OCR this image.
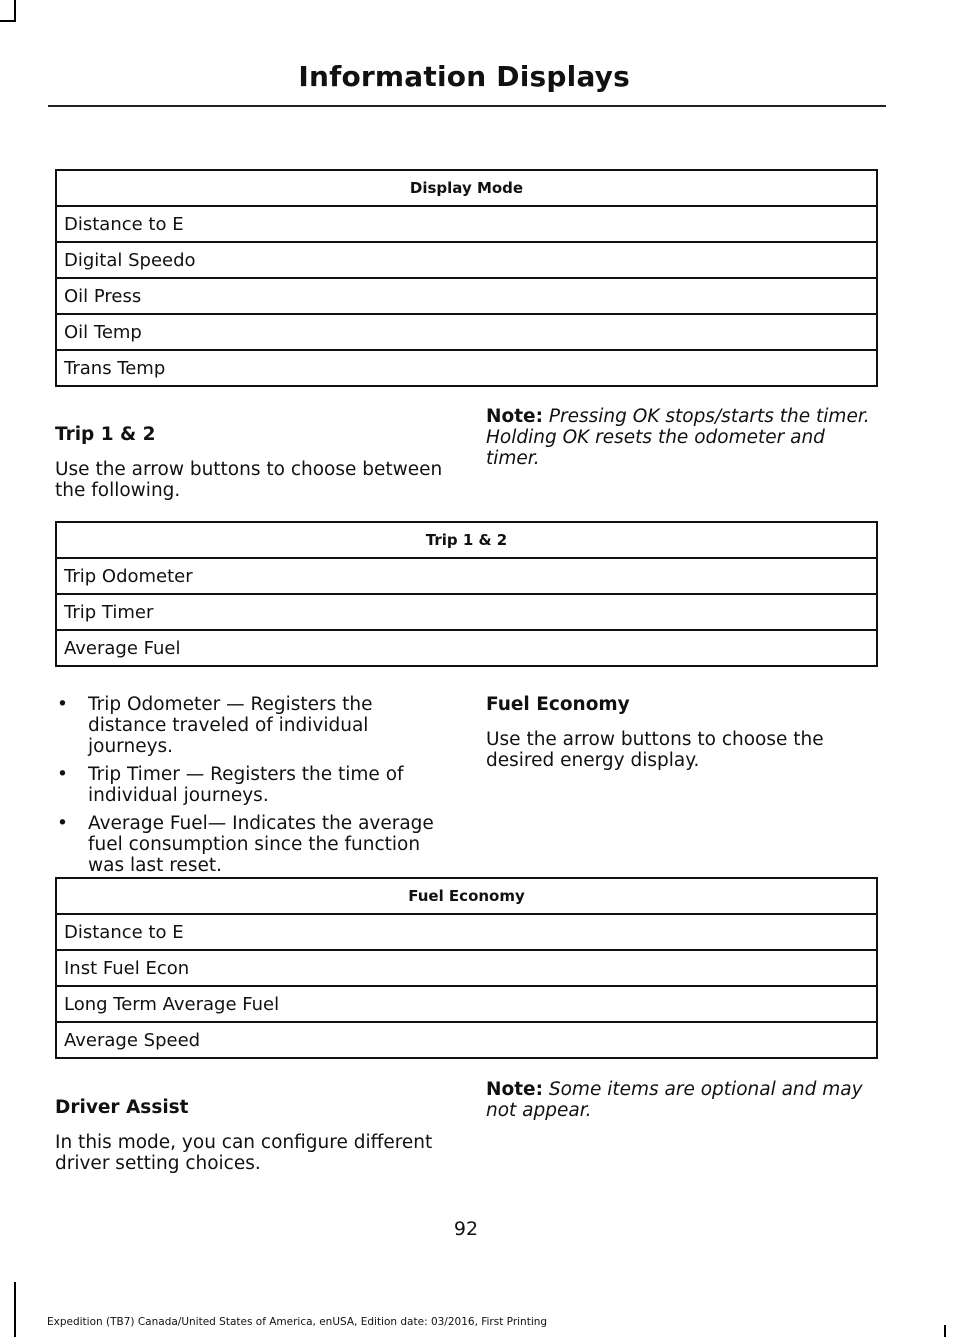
Information Displays
Display Mode
Distance to E
Digital Speedo
Oil Press
Oil Temp
Trans Temp

Trip 1 & 2

Use the arrow buttons to choose between the following.

Note: Pressing OK stops/starts the timer. Holding OK resets the odometer and timer.

Trip 1 & 2
Trip Odometer
Trip Timer
Average Fuel
• Trip Odometer — Registers the distance traveled of individual journeys.
• Trip Timer — Registers the time of individual journeys.
• Average Fuel— Indicates the average fuel consumption since the function was last reset.

Fuel Economy

Use the arrow buttons to choose the desired energy display.

Fuel Economy
Distance to E
Inst Fuel Econ
Long Term Average Fuel
Average Speed

Driver Assist

In this mode, you can configure different driver setting choices.

Note: Some items are optional and may not appear.

92
Expedition (TB7) Canada/United States of America, enUSA, Edition date: 03/2016, First Printing
